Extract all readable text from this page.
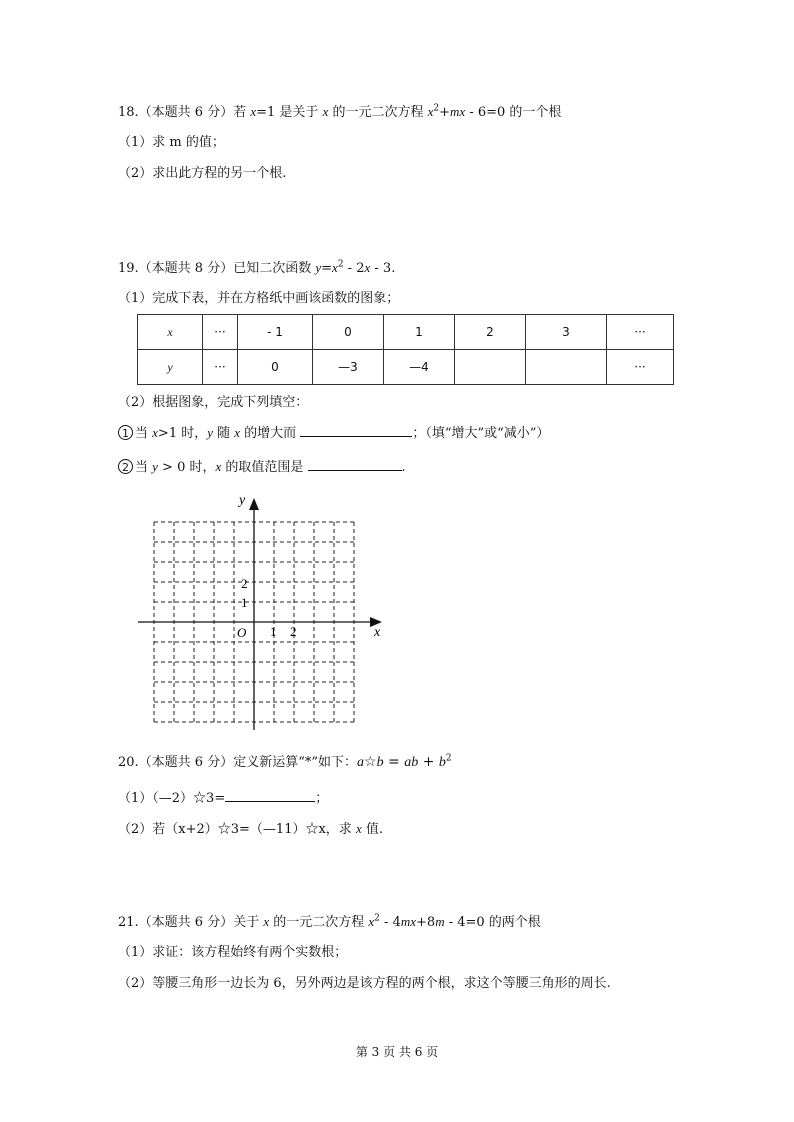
18.（本题共 6 分）若 x=1 是关于 x 的一元二次方程 $x^2+mx - 6=0$ 的一个根
（1）求 m 的值；
（2）求出此方程的另一个根.
19.（本题共 8 分）已知二次函数 $y=x^2 - 2x - 3$.
（1）完成下表，并在方格纸中画该函数的图象；
x	···	- 1	0	1	2	3	···
y	···	0	—3	—4			···
（2）根据图象，完成下列填空：
1 当 x>1 时，y 随 x 的增大而	；（填“增大”或“减小”）
2 当 y > 0 时，x 的取值范围是	.
y
x
O 1 2
1
2
20.（本题共 6 分）定义新运算“*”如下：a☆b = ab + $b^2$
（1）（—2）☆3=	；
（2）若（x+2）☆3=（—11）☆x，求 x 值.
21.（本题共 6 分）关于 x 的一元二次方程 $x^2 - 4mx+8m - 4=0$ 的两个根
（1）求证：该方程始终有两个实数根；
（2）等腰三角形一边长为 6，另外两边是该方程的两个根，求这个等腰三角形的周长.
第 3 页 共 6 页
